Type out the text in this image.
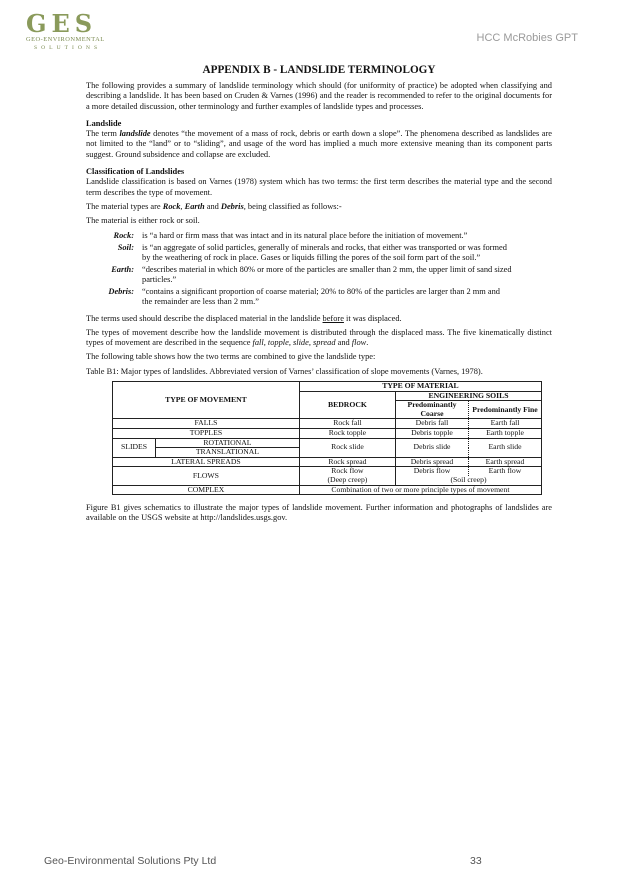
GES
GEO-ENVIRONMENTAL
SOLUTIONS
HCC McRobies GPT
APPENDIX B - LANDSLIDE TERMINOLOGY

The following provides a summary of landslide terminology which should (for uniformity of practice) be adopted when classifying and describing a landslide. It has been based on Cruden & Varnes (1996) and the reader is recommended to refer to the original documents for a more detailed discussion, other terminology and further examples of landslide types and processes.

Landslide

The term landslide denotes “the movement of a mass of rock, debris or earth down a slope”. The phenomena described as landslides are not limited to the “land” or to “sliding”, and usage of the word has implied a much more extensive meaning than its component parts suggest. Ground subsidence and collapse are excluded.

Classification of Landslides

Landslide classification is based on Varnes (1978) system which has two terms: the first term describes the material type and the second term describes the type of movement.

The material types are Rock, Earth and Debris, being classified as follows:-

The material is either rock or soil.

Rock:	is “a hard or firm mass that was intact and in its natural place before the initiation of movement.”
Soil:	is “an aggregate of solid particles, generally of minerals and rocks, that either was transported or was formed by the weathering of rock in place. Gases or liquids filling the pores of the soil form part of the soil.”
Earth:	“describes material in which 80% or more of the particles are smaller than 2 mm, the upper limit of sand sized particles.”
Debris:	“contains a significant proportion of coarse material; 20% to 80% of the particles are larger than 2 mm and the remainder are less than 2 mm.”

The terms used should describe the displaced material in the landslide before it was displaced.

The types of movement describe how the landslide movement is distributed through the displaced mass. The five kinematically distinct types of movement are described in the sequence fall, topple, slide, spread and flow.

The following table shows how the two terms are combined to give the landslide type:

Table B1: Major types of landslides. Abbreviated version of Varnes’ classification of slope movements (Varnes, 1978).

TYPE OF MOVEMENT		TYPE OF MATERIAL		
		BEDROCK	ENGINEERING SOILS	
			Predominantly Coarse	Predominantly Fine
FALLS		Rock fall	Debris fall	Earth fall
TOPPLES		Rock topple	Debris topple	Earth topple
SLIDES	ROTATIONAL	Rock slide	Debris slide	Earth slide
	TRANSLATIONAL			
LATERAL SPREADS		Rock spread	Debris spread	Earth spread
FLOWS		Rock flow	Debris flow	Earth flow
		(Deep creep)	(Soil creep)	
COMPLEX		Combination of two or more principle types of movement		

Figure B1 gives schematics to illustrate the major types of landslide movement. Further information and photographs of landslides are available on the USGS website at http://landslides.usgs.gov.

Geo-Environmental Solutions Pty Ltd	33
